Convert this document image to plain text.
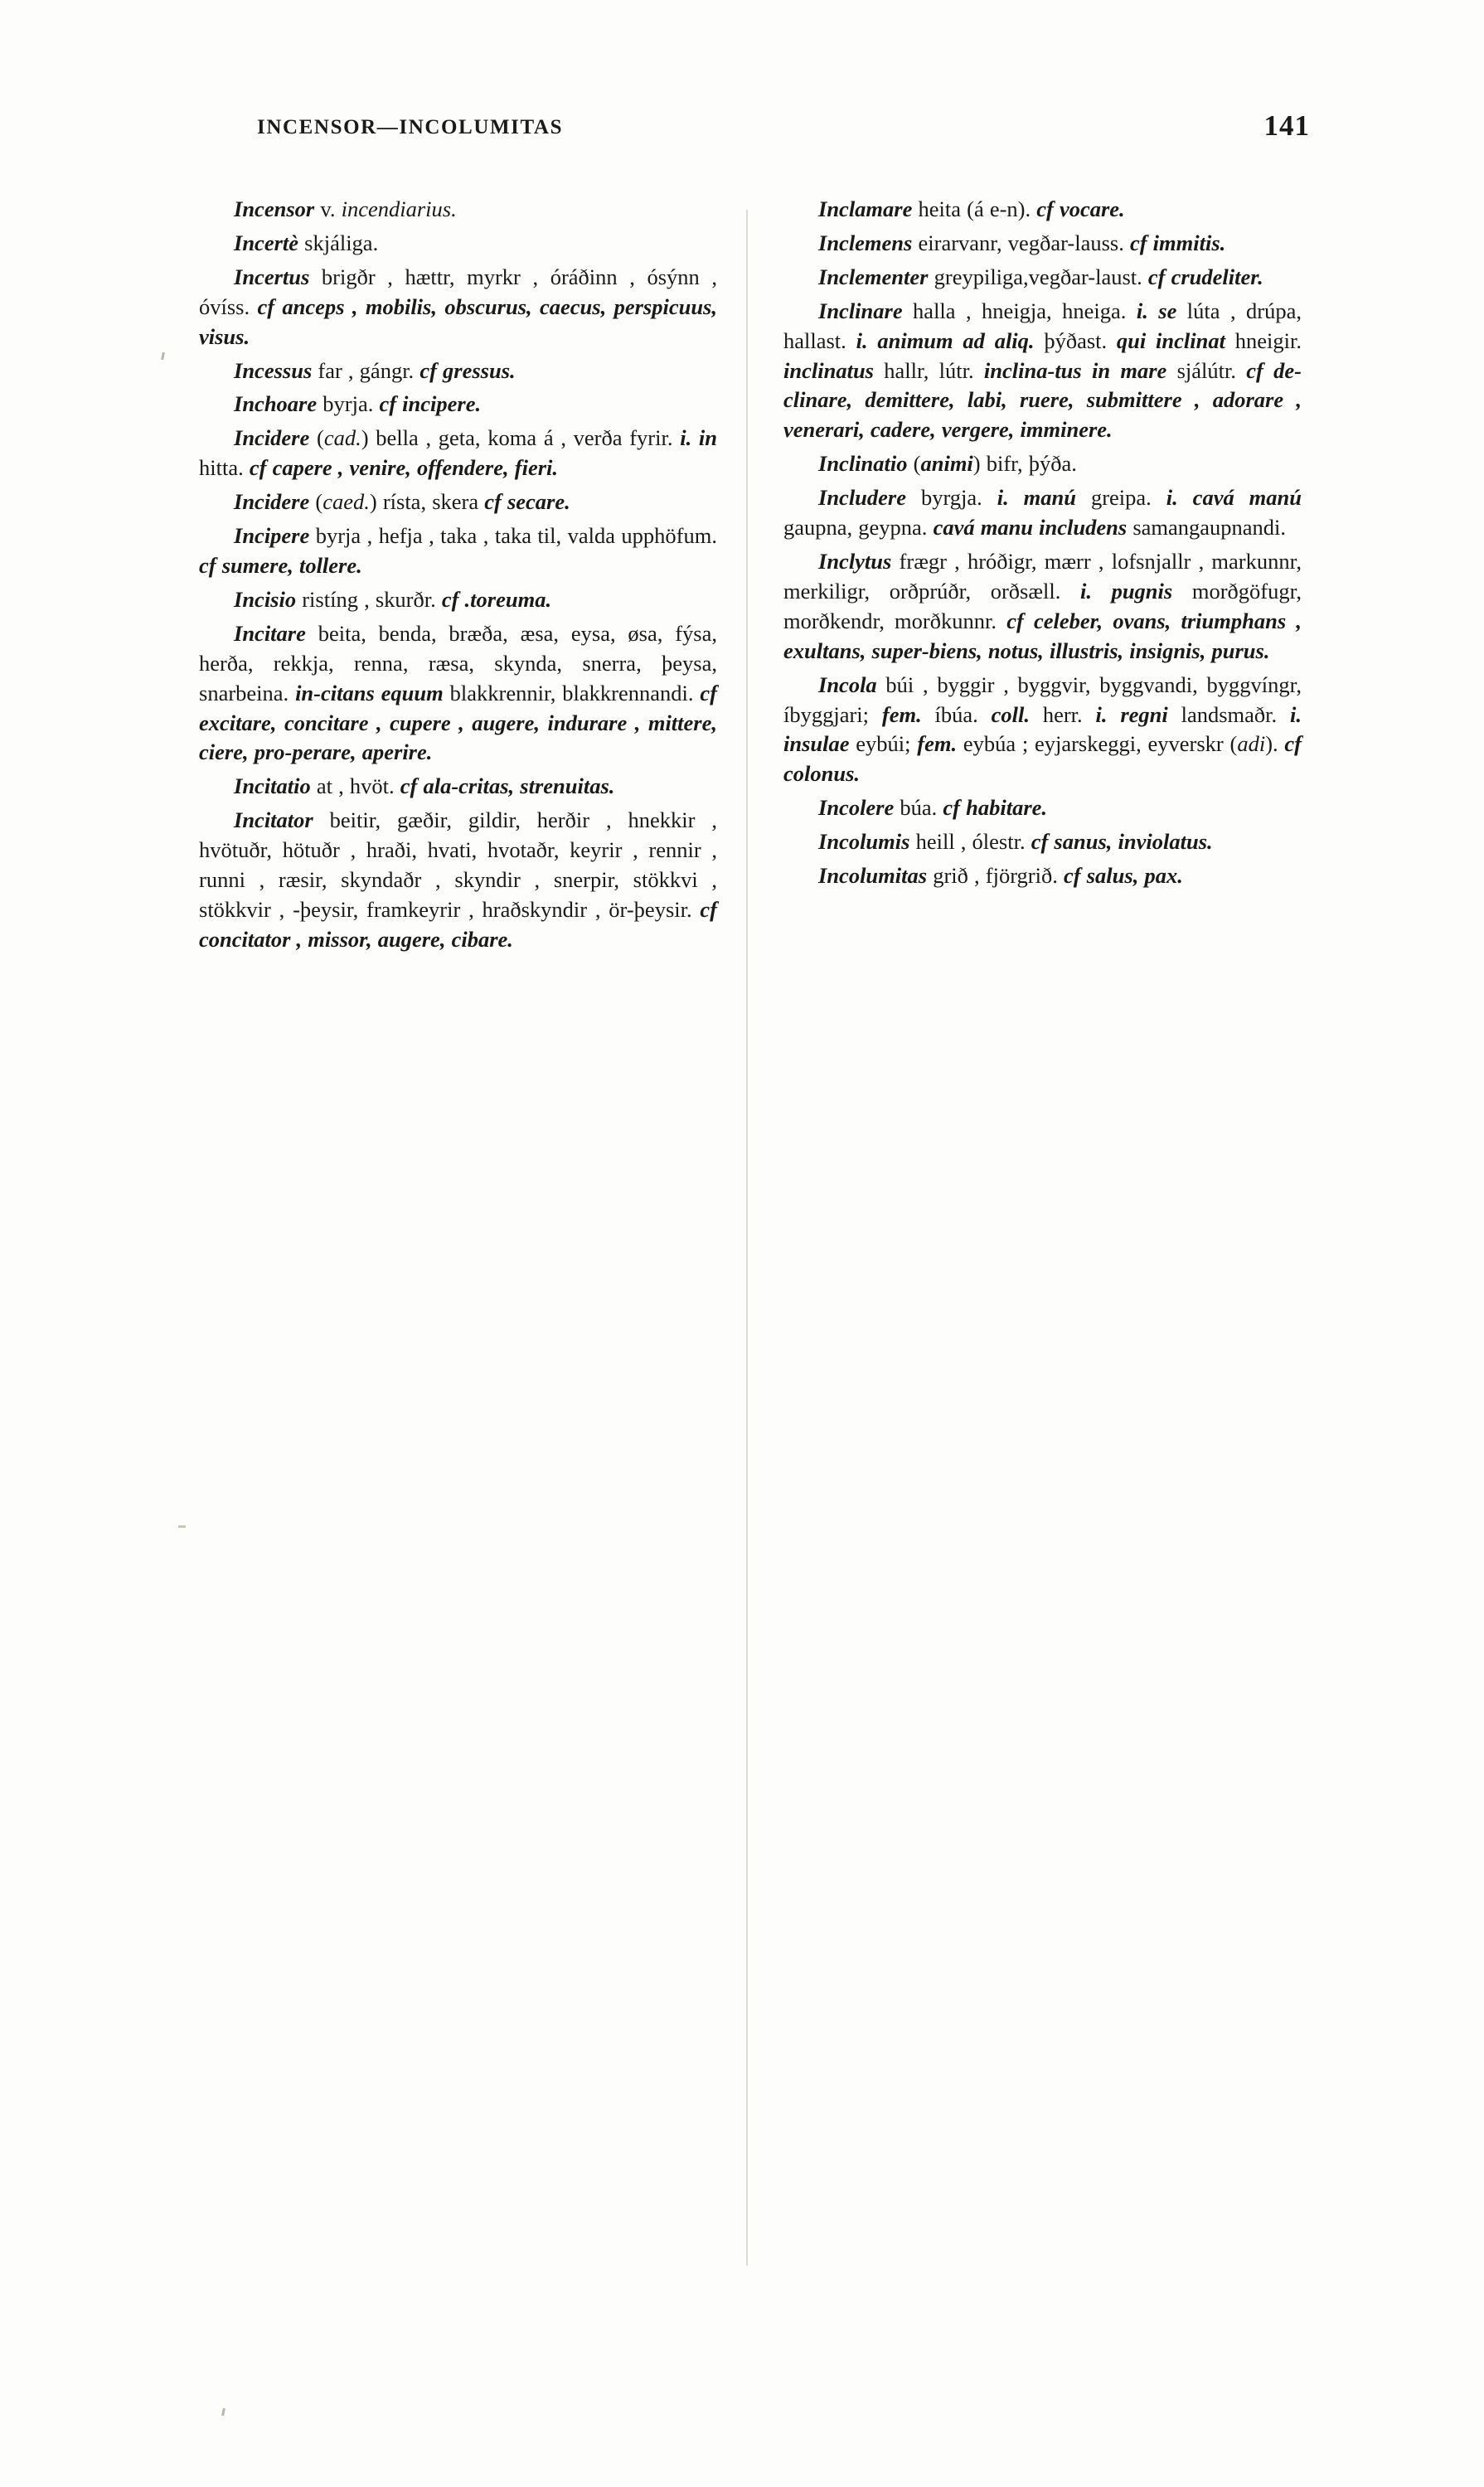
INCENSOR—INCOLUMITAS	141

Incensor v. incendiarius.

Incertè skjáliga.

Incertus brigðr , hættr, myrkr , óráðinn , ósýnn , óvíss. cf anceps , mobilis, obscurus, caecus, perspicuus, visus.

Incessus far , gángr. cf gressus.

Inchoare byrja. cf incipere.

Incidere (cad.) bella , geta, koma á , verða fyrir. i. in hitta. cf capere , venire, offendere, fieri.

Incidere (caed.) rísta, skera cf secare.

Incipere byrja , hefja , taka , taka til, valda upphöfum. cf sumere, tollere.

Incisio ristíng , skurðr. cf .toreuma.

Incitare beita, benda, bræða, æsa, eysa, øsa, fýsa, herða, rekkja, renna, ræsa, skynda, snerra, þeysa, snarbeina. in-citans equum blakkrennir, blakkrennandi. cf excitare, concitare , cupere , augere, indurare , mittere, ciere, pro-perare, aperire.

Incitatio at , hvöt. cf ala-critas, strenuitas.

Incitator beitir, gæðir, gildir, herðir , hnekkir , hvötuðr, hötuðr , hraði, hvati, hvotaðr, keyrir , rennir , runni , ræsir, skyndaðr , skyndir , snerpir, stökkvi , stökkvir , -þeysir, framkeyrir , hraðskyndir , ör-þeysir. cf concitator , missor, augere, cibare.

Inclamare heita (á e-n). cf vocare.

Inclemens eirarvanr, vegðar-lauss. cf immitis.

Inclementer greypiliga,vegðar-laust. cf crudeliter.

Inclinare halla , hneigja, hneiga. i. se lúta , drúpa, hallast. i. animum ad aliq. þýðast. qui inclinat hneigir. inclinatus hallr, lútr. inclina-tus in mare sjálútr. cf de-clinare, demittere, labi, ruere, submittere , adorare , venerari, cadere, vergere, imminere.

Inclinatio (animi) bifr, þýða.

Includere byrgja. i. manú greipa. i. cavá manú gaupna, geypna. cavá manu includens samangaupnandi.

Inclytus frægr , hróðigr, mærr , lofsnjallr , markunnr, merkiligr, orðprúðr, orðsæll. i. pugnis morðgöfugr, morðkendr, morðkunnr. cf celeber, ovans, triumphans , exultans, super-biens, notus, illustris, insignis, purus.

Incola búi , byggir , byggvir, byggvandi, byggvíngr, íbyggjari; fem. íbúa. coll. herr. i. regni landsmaðr. i. insulae eybúi; fem. eybúa ; eyjarskeggi, eyverskr (adi). cf colonus.

Incolere búa. cf habitare.

Incolumis heill , ólestr. cf sanus, inviolatus.

Incolumitas grið , fjörgrið. cf salus, pax.
